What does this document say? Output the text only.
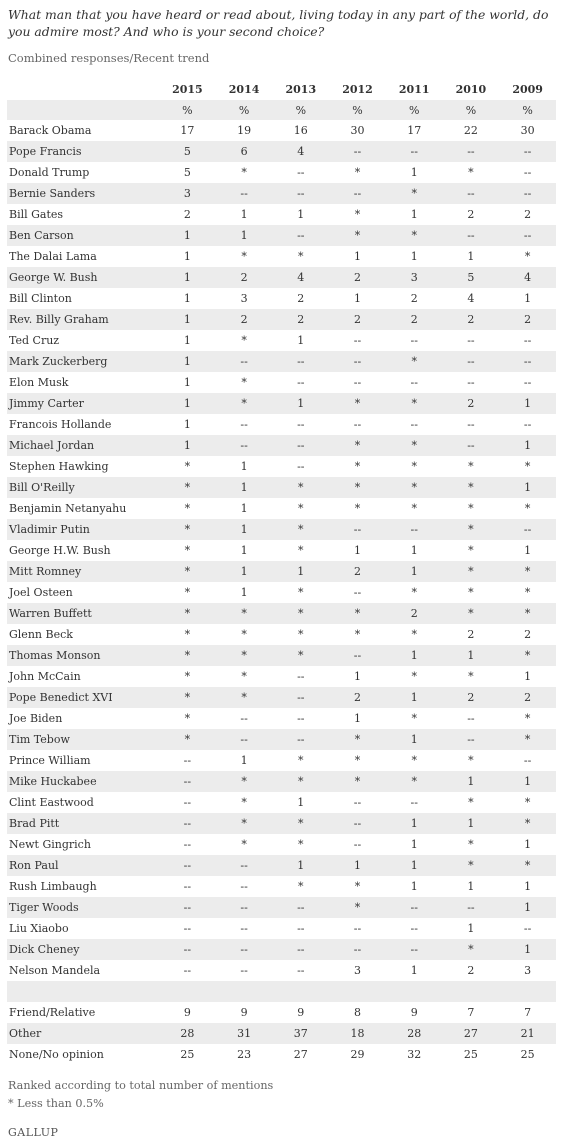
What man that you have heard or read about, living today in any part of the world, do you admire most? And who is your second choice?
Combined responses/Recent trend
	2015	2014	2013	2012	2011	2010	2009
	%	%	%	%	%	%	%
Barack Obama	17	19	16	30	17	22	30
Pope Francis	5	6	4	--	--	--	--
Donald Trump	5	*	--	*	1	*	--
Bernie Sanders	3	--	--	--	*	--	--
Bill Gates	2	1	1	*	1	2	2
Ben Carson	1	1	--	*	*	--	--
The Dalai Lama	1	*	*	1	1	1	*
George W. Bush	1	2	4	2	3	5	4
Bill Clinton	1	3	2	1	2	4	1
Rev. Billy Graham	1	2	2	2	2	2	2
Ted Cruz	1	*	1	--	--	--	--
Mark Zuckerberg	1	--	--	--	*	--	--
Elon Musk	1	*	--	--	--	--	--
Jimmy Carter	1	*	1	*	*	2	1
Francois Hollande	1	--	--	--	--	--	--
Michael Jordan	1	--	--	*	*	--	1
Stephen Hawking	*	1	--	*	*	*	*
Bill O'Reilly	*	1	*	*	*	*	1
Benjamin Netanyahu	*	1	*	*	*	*	*
Vladimir Putin	*	1	*	--	--	*	--
George H.W. Bush	*	1	*	1	1	*	1
Mitt Romney	*	1	1	2	1	*	*
Joel Osteen	*	1	*	--	*	*	*
Warren Buffett	*	*	*	*	2	*	*
Glenn Beck	*	*	*	*	*	2	2
Thomas Monson	*	*	*	--	1	1	*
John McCain	*	*	--	1	*	*	1
Pope Benedict XVI	*	*	--	2	1	2	2
Joe Biden	*	--	--	1	*	--	*
Tim Tebow	*	--	--	*	1	--	*
Prince William	--	1	*	*	*	*	--
Mike Huckabee	--	*	*	*	*	1	1
Clint Eastwood	--	*	1	--	--	*	*
Brad Pitt	--	*	*	--	1	1	*
Newt Gingrich	--	*	*	--	1	*	1
Ron Paul	--	--	1	1	1	*	*
Rush Limbaugh	--	--	*	*	1	1	1
Tiger Woods	--	--	--	*	--	--	1
Liu Xiaobo	--	--	--	--	--	1	--
Dick Cheney	--	--	--	--	--	*	1
Nelson Mandela	--	--	--	3	1	2	3

Friend/Relative	9	9	9	8	9	7	7
Other	28	31	37	18	28	27	21
None/No opinion	25	23	27	29	32	25	25
Ranked according to total number of mentions
* Less than 0.5%
GALLUP
